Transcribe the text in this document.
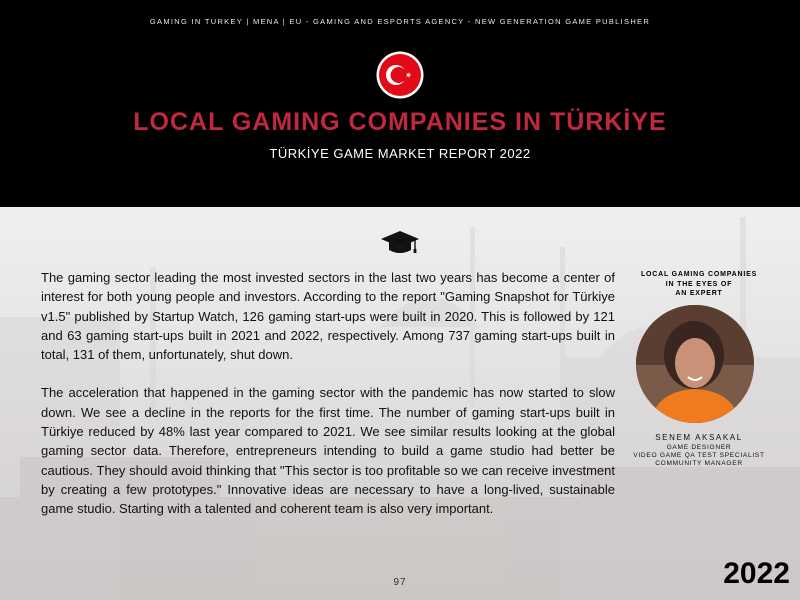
GAMING IN TURKEY | MENA | EU - GAMING AND ESPORTS AGENCY - NEW GENERATION GAME PUBLISHER
LOCAL GAMING COMPANIES IN TÜRKİYE
TÜRKİYE GAME MARKET REPORT 2022

The gaming sector leading the most invested sectors in the last two years has become a center of interest for both young people and investors. According to the report "Gaming Snapshot for Türkiye v1.5" published by Startup Watch, 126 gaming start-ups were built in 2020. This is followed by 121 and 63 gaming start-ups built in 2021 and 2022, respectively. Among 737 gaming start-ups built in total, 131 of them, unfortunately, shut down.

The acceleration that happened in the gaming sector with the pandemic has now started to slow down. We see a decline in the reports for the first time. The number of gaming start-ups built in Türkiye reduced by 48% last year compared to 2021. We see similar results looking at the global gaming sector data. Therefore, entrepreneurs intending to build a game studio had better be cautious. They should avoid thinking that "This sector is too profitable so we can receive investment by creating a few prototypes." Innovative ideas are necessary to have a long-lived, sustainable game studio. Starting with a talented and coherent team is also very important.

LOCAL GAMING COMPANIES
IN THE EYES OF
AN EXPERT
SENEM AKSAKAL
GAME DESIGNER
VIDEO GAME QA TEST SPECIALIST
COMMUNITY MANAGER
97	2022
